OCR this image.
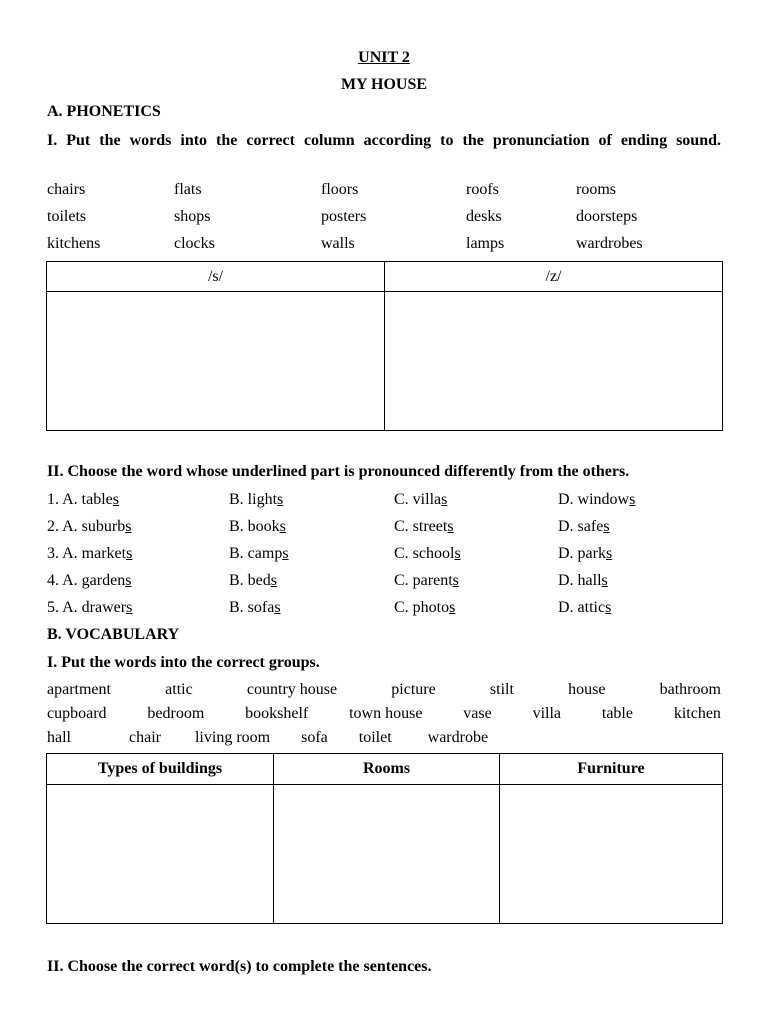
UNIT 2
MY HOUSE
A. PHONETICS
I. Put the words into the correct column according to the pronunciation of ending sound.
chairs	flats	floors	roofs	rooms
toilets	shops	posters	desks	doorsteps
kitchens	clocks	walls	lamps	wardrobes
/s/	/z/

II. Choose the word whose underlined part is pronounced differently from the others.
1. A. tables	B. lights	C. villas	D. windows
2. A. suburbs	B. books	C. streets	D. safes
3. A. markets	B. camps	C. schools	D. parks
4. A. gardens	B. beds	C. parents	D. halls
5. A. drawers	B. sofas	C. photos	D. attics
B. VOCABULARY
I. Put the words into the correct groups.
apartment	attic	country house	picture	stilt	house	bathroom
cupboard	bedroom	bookshelf	town house	vase	villa	table	kitchen
hall	chair living room sofa toilet wardrobe
Types of buildings	Rooms	Furniture

II. Choose the correct word(s) to complete the sentences.
